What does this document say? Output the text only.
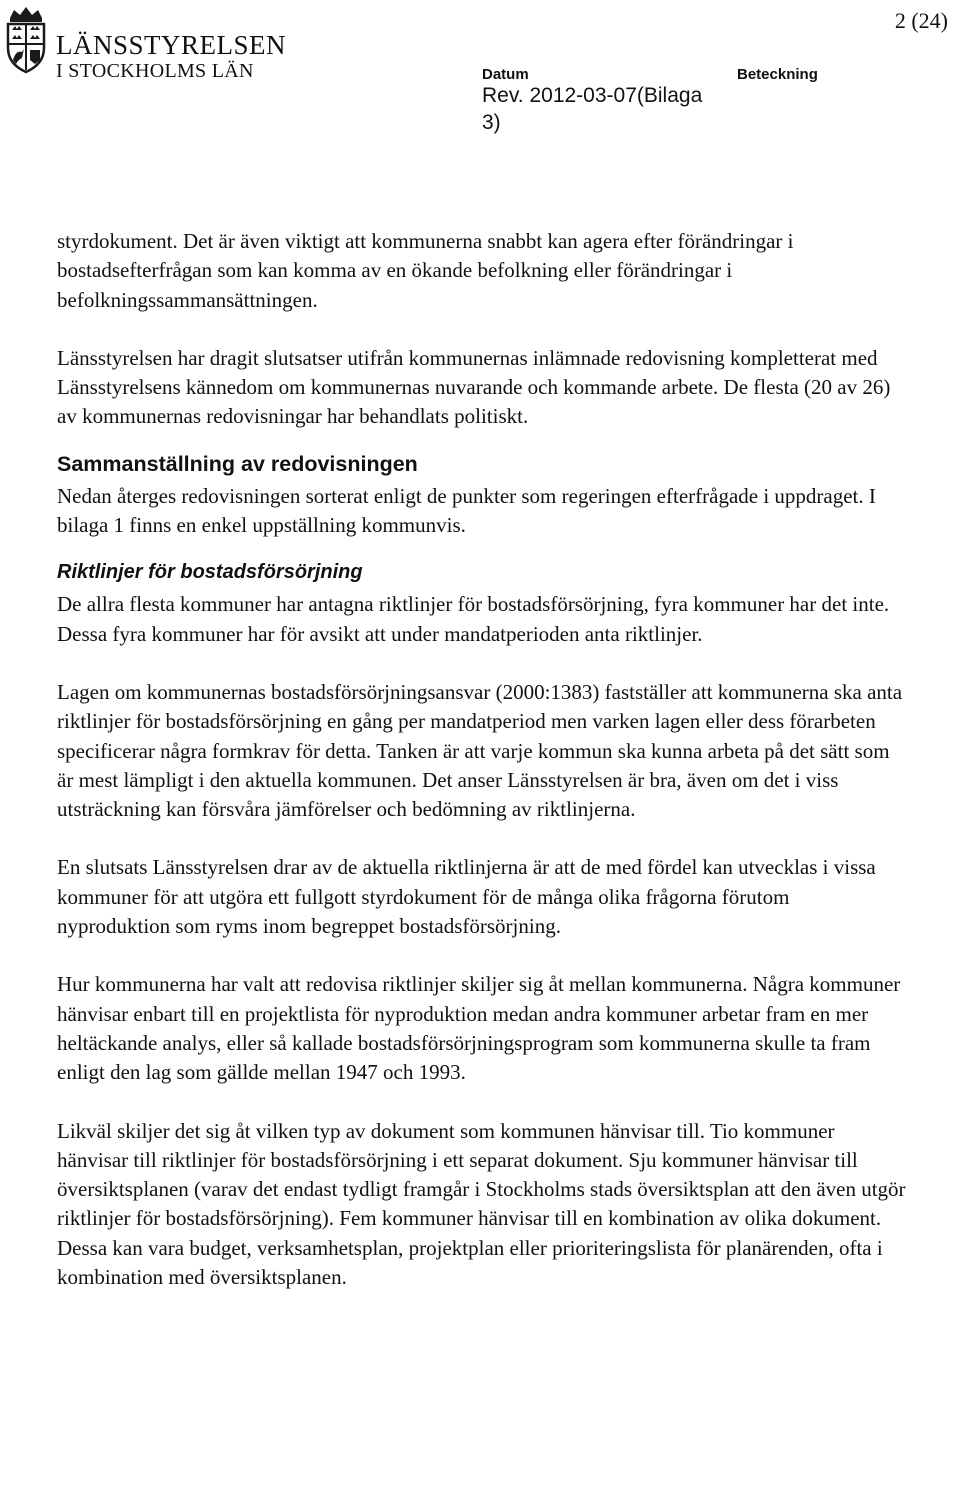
LÄNSSTYRELSEN
I STOCKHOLMS LÄN
2 (24)
Datum
Rev. 2012-03-07(Bilaga 3)
Beteckning

styrdokument. Det är även viktigt att kommunerna snabbt kan agera efter förändringar i bostadsefterfrågan som kan komma av en ökande befolkning eller förändringar i befolkningssammansättningen.

Länsstyrelsen har dragit slutsatser utifrån kommunernas inlämnade redovisning kompletterat med Länsstyrelsens kännedom om kommunernas nuvarande och kommande arbete. De flesta (20 av 26) av kommunernas redovisningar har behandlats politiskt.

Sammanställning av redovisningen

Nedan återges redovisningen sorterat enligt de punkter som regeringen efterfrågade i uppdraget. I bilaga 1 finns en enkel uppställning kommunvis.

Riktlinjer för bostadsförsörjning

De allra flesta kommuner har antagna riktlinjer för bostadsförsörjning, fyra kommuner har det inte. Dessa fyra kommuner har för avsikt att under mandatperioden anta riktlinjer.

Lagen om kommunernas bostadsförsörjningsansvar (2000:1383) fastställer att kommunerna ska anta riktlinjer för bostadsförsörjning en gång per mandatperiod men varken lagen eller dess förarbeten specificerar några formkrav för detta. Tanken är att varje kommun ska kunna arbeta på det sätt som är mest lämpligt i den aktuella kommunen. Det anser Länsstyrelsen är bra, även om det i viss utsträckning kan försvåra jämförelser och bedömning av riktlinjerna.

En slutsats Länsstyrelsen drar av de aktuella riktlinjerna är att de med fördel kan utvecklas i vissa kommuner för att utgöra ett fullgott styrdokument för de många olika frågorna förutom nyproduktion som ryms inom begreppet bostadsförsörjning.

Hur kommunerna har valt att redovisa riktlinjer skiljer sig åt mellan kommunerna. Några kommuner hänvisar enbart till en projektlista för nyproduktion medan andra kommuner arbetar fram en mer heltäckande analys, eller så kallade bostadsförsörjningsprogram som kommunerna skulle ta fram enligt den lag som gällde mellan 1947 och 1993.

Likväl skiljer det sig åt vilken typ av dokument som kommunen hänvisar till. Tio kommuner hänvisar till riktlinjer för bostadsförsörjning i ett separat dokument. Sju kommuner hänvisar till översiktsplanen (varav det endast tydligt framgår i Stockholms stads översiktsplan att den även utgör riktlinjer för bostadsförsörjning). Fem kommuner hänvisar till en kombination av olika dokument. Dessa kan vara budget, verksamhetsplan, projektplan eller prioriteringslista för planärenden, ofta i kombination med översiktsplanen.
